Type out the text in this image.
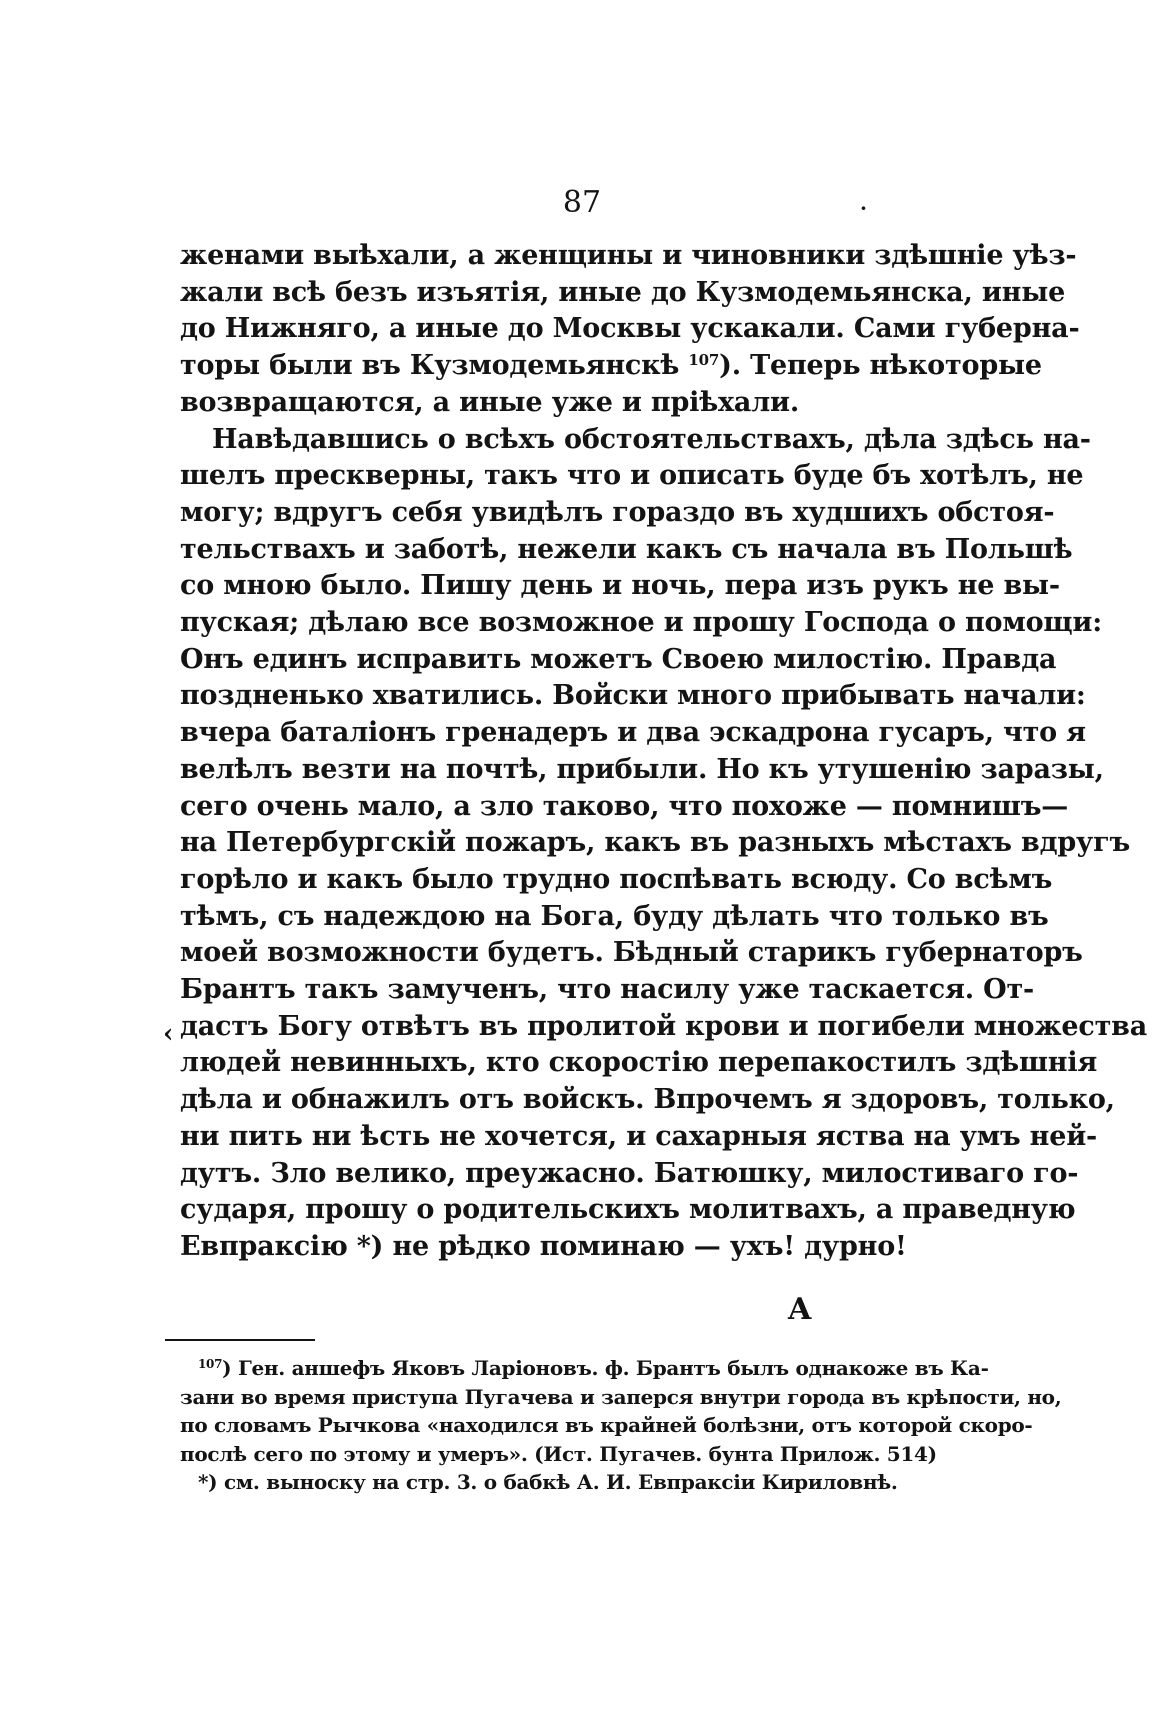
87	·
женами выѣхали, а женщины и чиновники здѣшніе уѣз-
жали всѣ безъ изъятія, иные до Кузмодемьянска, иные
до Нижняго, а иные до Москвы ускакали. Сами губерна-
торы были въ Кузмодемьянскѣ $^{107}$). Теперь нѣкоторые
возвращаются, а иные уже и пріѣхали.
Навѣдавшись о всѣхъ обстоятельствахъ, дѣла здѣсь на-
шелъ прескверны, такъ что и описать буде бъ хотѣлъ, не
могу; вдругъ себя увидѣлъ гораздо въ худшихъ обстоя-
тельствахъ и заботѣ, нежели какъ съ начала въ Польшѣ
со мною было. Пишу день и ночь, пера изъ рукъ не вы-
пуская; дѣлаю все возможное и прошу Господа о помощи:
Онъ единъ исправить можетъ Своею милостію. Правда
поздненько хватились. Войски много прибывать начали:
вчера баталіонъ гренадеръ и два эскадрона гусаръ, что я
велѣлъ везти на почтѣ, прибыли. Но къ утушенію заразы,
сего очень мало, а зло таково, что похоже — помнишъ—
на Петербургскій пожаръ, какъ въ разныхъ мѣстахъ вдругъ
горѣло и какъ было трудно поспѣвать всюду. Со всѣмъ
тѣмъ, съ надеждою на Бога, буду дѣлать что только въ
моей возможности будетъ. Бѣдный старикъ губернаторъ
Брантъ такъ замученъ, что насилу уже таскается. От-
дастъ Богу отвѣтъ въ пролитой крови и погибели множества
людей невинныхъ, кто скоростію перепакостилъ здѣшнія
дѣла и обнажилъ отъ войскъ. Впрочемъ я здоровъ, только,
ни пить ни ѣсть не хочется, и сахарныя яства на умъ ней-
дутъ. Зло велико, преужасно. Батюшку, милостиваго го-
сударя, прошу о родительскихъ молитвахъ, а праведную
Евпраксію *) не рѣдко поминаю — ухъ! дурно!
‹
A
$^{107}$) Ген. аншефъ Яковъ Ларіоновъ. ф. Брантъ былъ однакоже въ Ка-
зани во время приступа Пугачева и заперся внутри города въ крѣпости, но,
по словамъ Рычкова «находился въ крайней болѣзни, отъ которой скоро-
послѣ сего по этому и умеръ». (Ист. Пугачев. бунта Прилож. 514)
*) см. выноску на стр. 3. о бабкѣ А. И. Евпраксіи Кириловнѣ.
